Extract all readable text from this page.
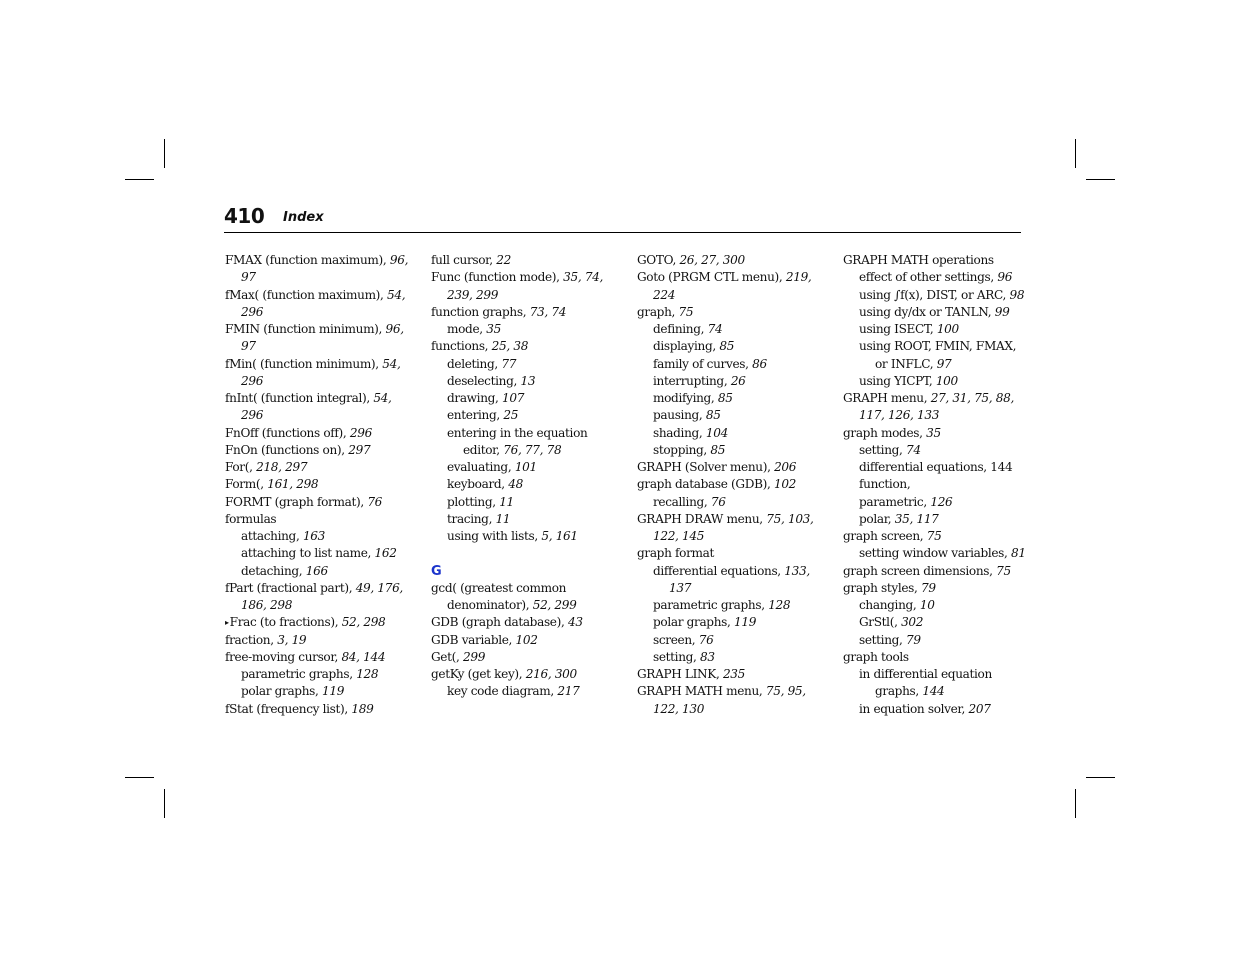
410 Index
FMAX (function maximum), 96,
97
fMax( (function maximum), 54,
296
FMIN (function minimum), 96,
97
fMin( (function minimum), 54,
296
fnInt( (function integral), 54,
296
FnOff (functions off), 296
FnOn (functions on), 297
For(, 218, 297
Form(, 161, 298
FORMT (graph format), 76
formulas
attaching, 163
attaching to list name, 162
detaching, 166
fPart (fractional part), 49, 176,
186, 298
▸Frac (to fractions), 52, 298
fraction, 3, 19
free-moving cursor, 84, 144
parametric graphs, 128
polar graphs, 119
fStat (frequency list), 189
full cursor, 22
Func (function mode), 35, 74,
239, 299
function graphs, 73, 74
mode, 35
functions, 25, 38
deleting, 77
deselecting, 13
drawing, 107
entering, 25
entering in the equation
editor, 76, 77, 78
evaluating, 101
keyboard, 48
plotting, 11
tracing, 11
using with lists, 5, 161
G
gcd( (greatest common
denominator), 52, 299
GDB (graph database), 43
GDB variable, 102
Get(, 299
getKy (get key), 216, 300
key code diagram, 217
GOTO, 26, 27, 300
Goto (PRGM CTL menu), 219,
224
graph, 75
defining, 74
displaying, 85
family of curves, 86
interrupting, 26
modifying, 85
pausing, 85
shading, 104
stopping, 85
GRAPH (Solver menu), 206
graph database (GDB), 102
recalling, 76
GRAPH DRAW menu, 75, 103,
122, 145
graph format
differential equations, 133,
137
parametric graphs, 128
polar graphs, 119
screen, 76
setting, 83
GRAPH LINK, 235
GRAPH MATH menu, 75, 95,
122, 130
GRAPH MATH operations
effect of other settings, 96
using ∫f(x), DIST, or ARC, 98
using dy/dx or TANLN, 99
using ISECT, 100
using ROOT, FMIN, FMAX,
or INFLC, 97
using YICPT, 100
GRAPH menu, 27, 31, 75, 88,
117, 126, 133
graph modes, 35
setting, 74
differential equations, 144
function,
parametric, 126
polar, 35, 117
graph screen, 75
setting window variables, 81
graph screen dimensions, 75
graph styles, 79
changing, 10
GrStl(, 302
setting, 79
graph tools
in differential equation
graphs, 144
in equation solver, 207
